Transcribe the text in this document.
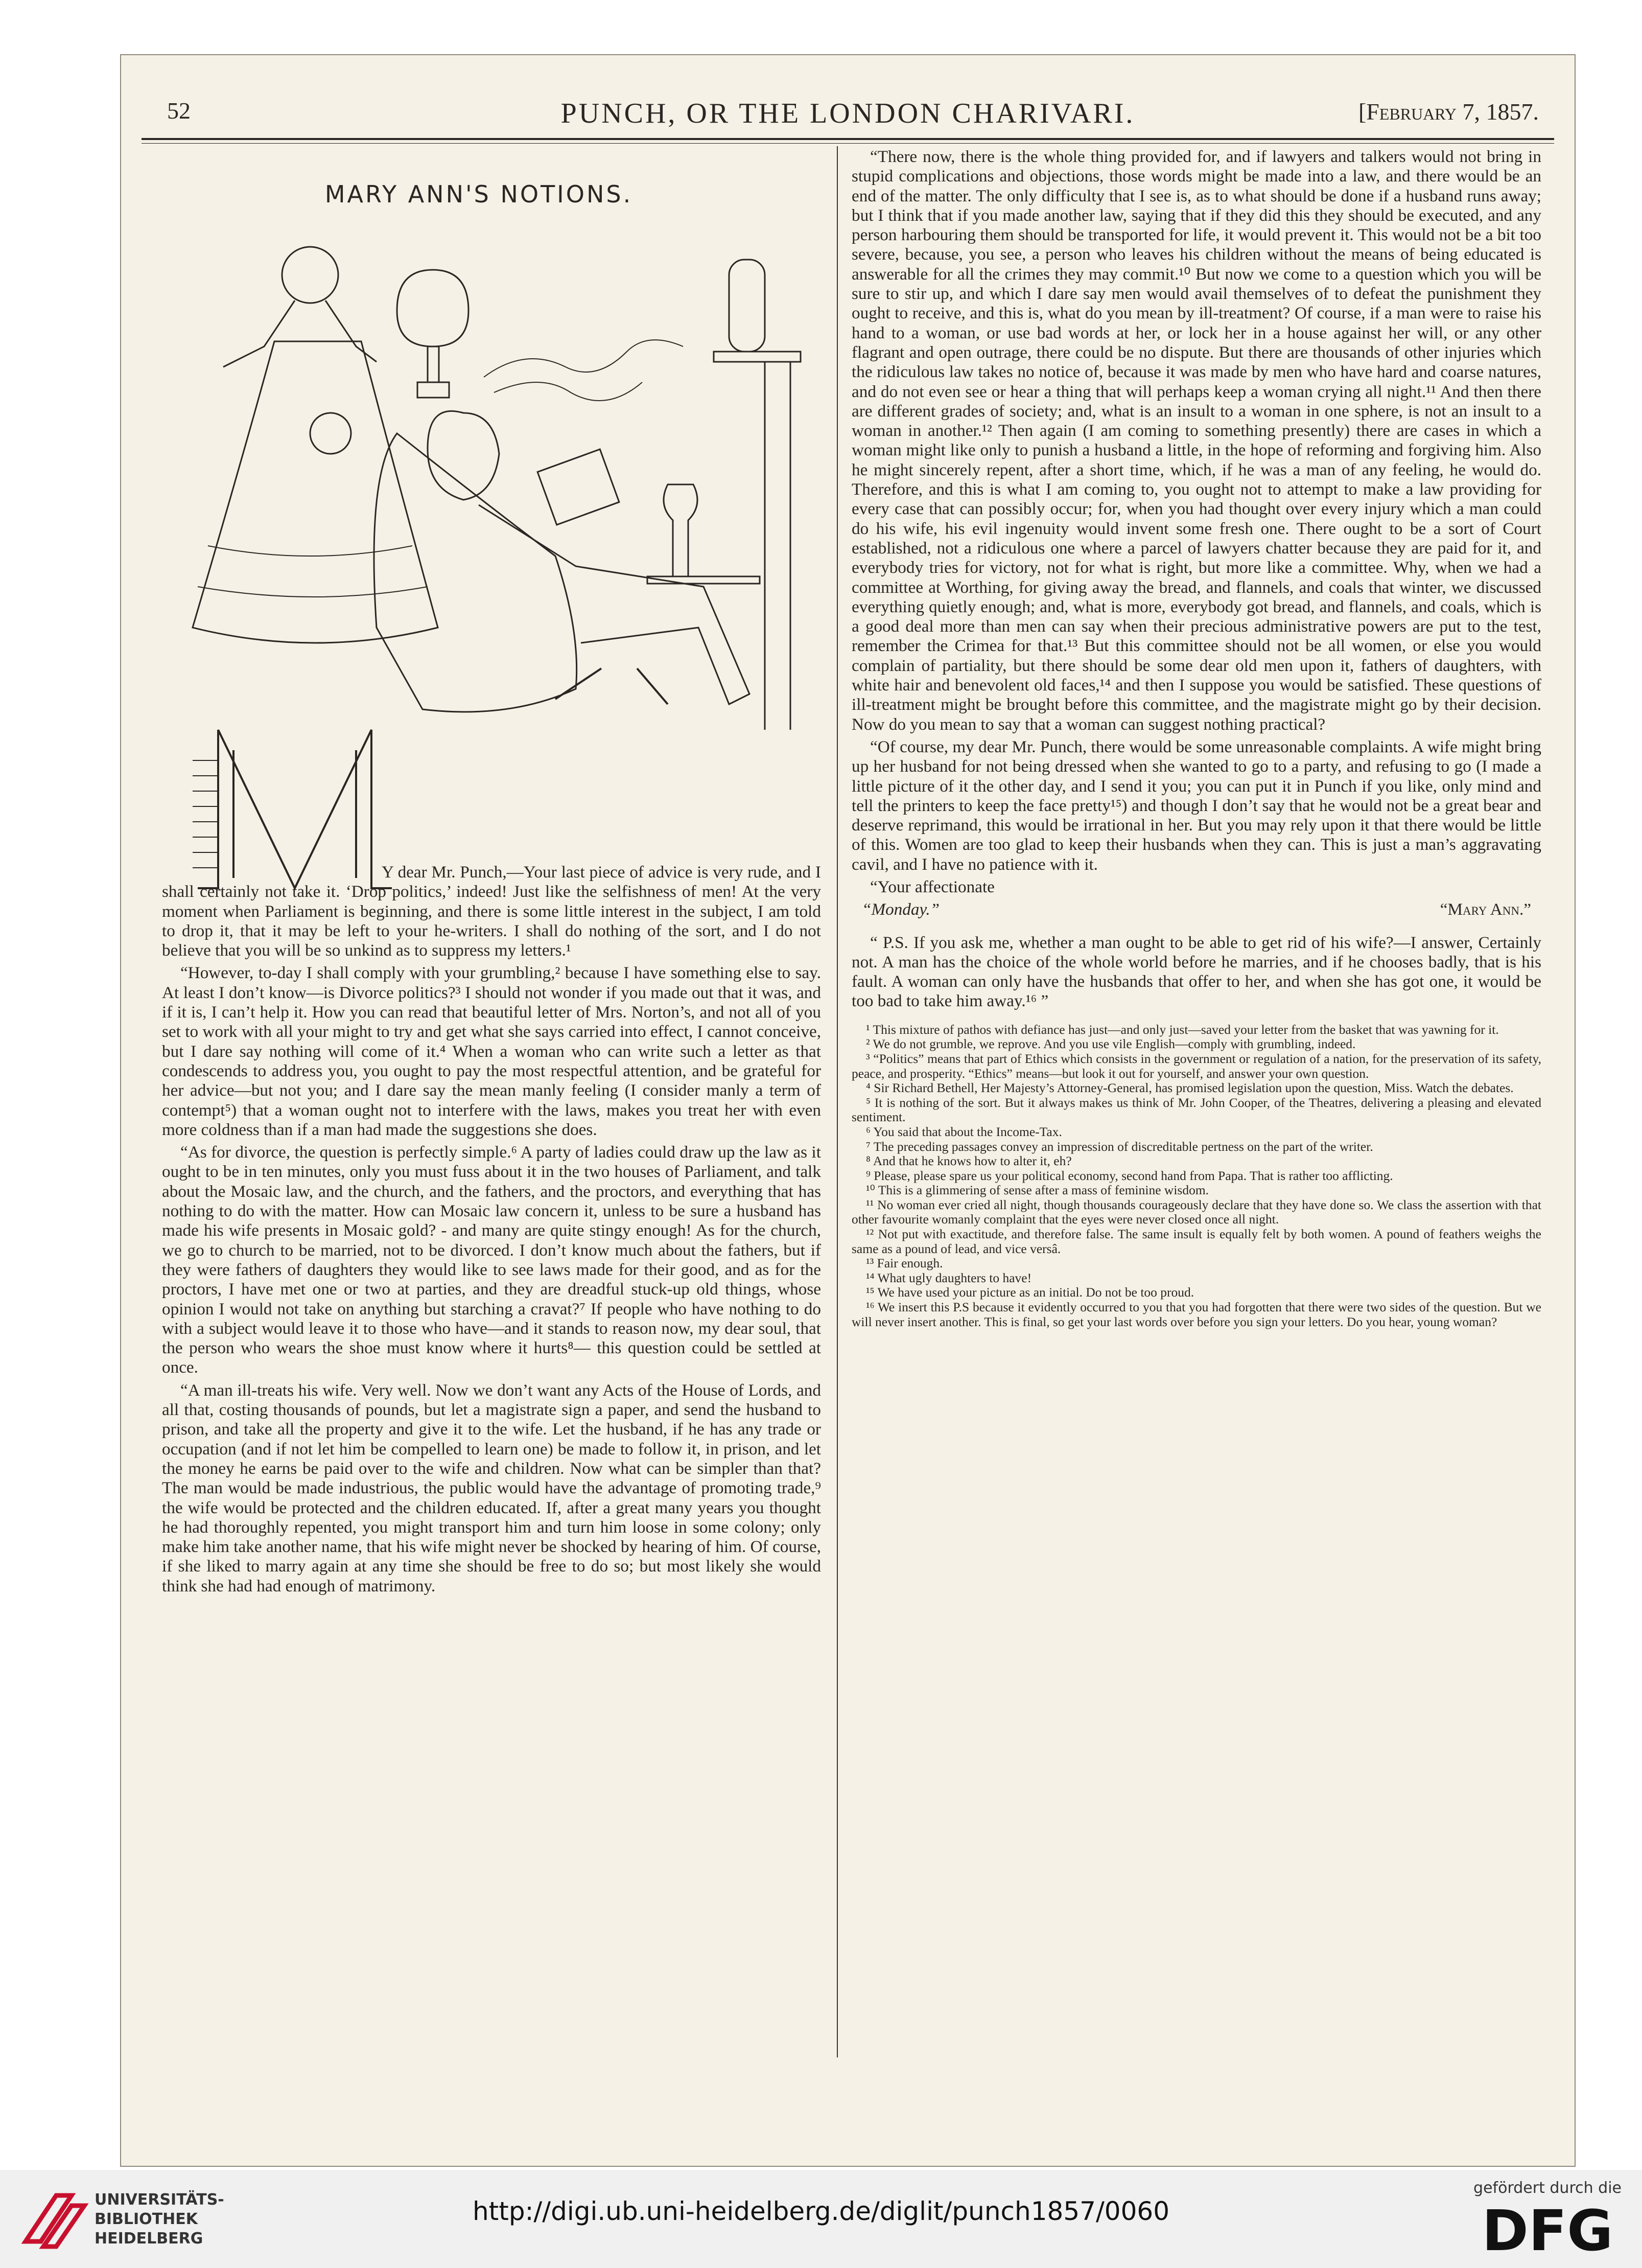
52	PUNCH, OR THE LONDON CHARIVARI.	[February 7, 1857.
MARY ANN'S NOTIONS.

Y dear Mr. Punch,—Your last piece of advice is very rude, and I shall certainly not take it. ‘Drop politics,’ indeed! Just like the selfishness of men! At the very moment when Parliament is beginning, and there is some little interest in the subject, I am told to drop it, that it may be left to your he-writers. I shall do nothing of the sort, and I do not believe that you will be so unkind as to suppress my letters.¹

“However, to-day I shall comply with your grumbling,² because I have something else to say. At least I don’t know—is Divorce politics?³ I should not wonder if you made out that it was, and if it is, I can’t help it. How you can read that beautiful letter of Mrs. Norton’s, and not all of you set to work with all your might to try and get what she says carried into effect, I cannot conceive, but I dare say nothing will come of it.⁴ When a woman who can write such a letter as that condescends to address you, you ought to pay the most respectful attention, and be grateful for her advice—but not you; and I dare say the mean manly feeling (I consider manly a term of contempt⁵) that a woman ought not to interfere with the laws, makes you treat her with even more coldness than if a man had made the suggestions she does.

“As for divorce, the question is perfectly simple.⁶ A party of ladies could draw up the law as it ought to be in ten minutes, only you must fuss about it in the two houses of Parliament, and talk about the Mosaic law, and the church, and the fathers, and the proctors, and everything that has nothing to do with the matter. How can Mosaic law concern it, unless to be sure a husband has made his wife presents in Mosaic gold? - and many are quite stingy enough! As for the church, we go to church to be married, not to be divorced. I don’t know much about the fathers, but if they were fathers of daughters they would like to see laws made for their good, and as for the proctors, I have met one or two at parties, and they are dreadful stuck-up old things, whose opinion I would not take on anything but starching a cravat?⁷ If people who have nothing to do with a subject would leave it to those who have—and it stands to reason now, my dear soul, that the person who wears the shoe must know where it hurts⁸— this question could be settled at once.

“A man ill-treats his wife. Very well. Now we don’t want any Acts of the House of Lords, and all that, costing thousands of pounds, but let a magistrate sign a paper, and send the husband to prison, and take all the property and give it to the wife. Let the husband, if he has any trade or occupation (and if not let him be compelled to learn one) be made to follow it, in prison, and let the money he earns be paid over to the wife and children. Now what can be simpler than that? The man would be made industrious, the public would have the advantage of promoting trade,⁹ the wife would be protected and the children educated. If, after a great many years you thought he had thoroughly repented, you might transport him and turn him loose in some colony; only make him take another name, that his wife might never be shocked by hearing of him. Of course, if she liked to marry again at any time she should be free to do so; but most likely she would think she had had enough of matrimony.

“There now, there is the whole thing provided for, and if lawyers and talkers would not bring in stupid complications and objections, those words might be made into a law, and there would be an end of the matter. The only difficulty that I see is, as to what should be done if a husband runs away; but I think that if you made another law, saying that if they did this they should be executed, and any person harbouring them should be transported for life, it would prevent it. This would not be a bit too severe, because, you see, a person who leaves his children without the means of being educated is answerable for all the crimes they may commit.¹⁰ But now we come to a question which you will be sure to stir up, and which I dare say men would avail themselves of to defeat the punishment they ought to receive, and this is, what do you mean by ill-treatment? Of course, if a man were to raise his hand to a woman, or use bad words at her, or lock her in a house against her will, or any other flagrant and open outrage, there could be no dispute. But there are thousands of other injuries which the ridiculous law takes no notice of, because it was made by men who have hard and coarse natures, and do not even see or hear a thing that will perhaps keep a woman crying all night.¹¹ And then there are different grades of society; and, what is an insult to a woman in one sphere, is not an insult to a woman in another.¹² Then again (I am coming to something presently) there are cases in which a woman might like only to punish a husband a little, in the hope of reforming and forgiving him. Also he might sincerely repent, after a short time, which, if he was a man of any feeling, he would do. Therefore, and this is what I am coming to, you ought not to attempt to make a law providing for every case that can possibly occur; for, when you had thought over every injury which a man could do his wife, his evil ingenuity would invent some fresh one. There ought to be a sort of Court established, not a ridiculous one where a parcel of lawyers chatter because they are paid for it, and everybody tries for victory, not for what is right, but more like a committee. Why, when we had a committee at Worthing, for giving away the bread, and flannels, and coals that winter, we discussed everything quietly enough; and, what is more, everybody got bread, and flannels, and coals, which is a good deal more than men can say when their precious administrative powers are put to the test, remember the Crimea for that.¹³ But this committee should not be all women, or else you would complain of partiality, but there should be some dear old men upon it, fathers of daughters, with white hair and benevolent old faces,¹⁴ and then I suppose you would be satisfied. These questions of ill-treatment might be brought before this committee, and the magistrate might go by their decision. Now do you mean to say that a woman can suggest nothing practical?

“Of course, my dear Mr. Punch, there would be some unreasonable complaints. A wife might bring up her husband for not being dressed when she wanted to go to a party, and refusing to go (I made a little picture of it the other day, and I send it you; you can put it in Punch if you like, only mind and tell the printers to keep the face pretty¹⁵) and though I don’t say that he would not be a great bear and deserve reprimand, this would be irrational in her. But you may rely upon it that there would be little of this. Women are too glad to keep their husbands when they can. This is just a man’s aggravating cavil, and I have no patience with it.

“Your affectionate

“Monday.”	“Mary Ann.”

“ P.S. If you ask me, whether a man ought to be able to get rid of his wife?—I answer, Certainly not. A man has the choice of the whole world before he marries, and if he chooses badly, that is his fault. A woman can only have the husbands that offer to her, and when she has got one, it would be too bad to take him away.¹⁶ ”

¹ This mixture of pathos with defiance has just—and only just—saved your letter from the basket that was yawning for it.

² We do not grumble, we reprove. And you use vile English—comply with grumbling, indeed.

³ “Politics” means that part of Ethics which consists in the government or regulation of a nation, for the preservation of its safety, peace, and prosperity. “Ethics” means—but look it out for yourself, and answer your own question.

⁴ Sir Richard Bethell, Her Majesty’s Attorney-General, has promised legislation upon the question, Miss. Watch the debates.

⁵ It is nothing of the sort. But it always makes us think of Mr. John Cooper, of the Theatres, delivering a pleasing and elevated sentiment.

⁶ You said that about the Income-Tax.

⁷ The preceding passages convey an impression of discreditable pertness on the part of the writer.

⁸ And that he knows how to alter it, eh?

⁹ Please, please spare us your political economy, second hand from Papa. That is rather too afflicting.

¹⁰ This is a glimmering of sense after a mass of feminine wisdom.

¹¹ No woman ever cried all night, though thousands courageously declare that they have done so. We class the assertion with that other favourite womanly complaint that the eyes were never closed once all night.

¹² Not put with exactitude, and therefore false. The same insult is equally felt by both women. A pound of feathers weighs the same as a pound of lead, and vice versâ.

¹³ Fair enough.

¹⁴ What ugly daughters to have!

¹⁵ We have used your picture as an initial. Do not be too proud.

¹⁶ We insert this P.S because it evidently occurred to you that you had forgotten that there were two sides of the question. But we will never insert another. This is final, so get your last words over before you sign your letters. Do you hear, young woman?

UNIVERSITÄTS-
BIBLIOTHEK
HEIDELBERG
http://digi.ub.uni-heidelberg.de/diglit/punch1857/0060
gefördert durch die
DFG
